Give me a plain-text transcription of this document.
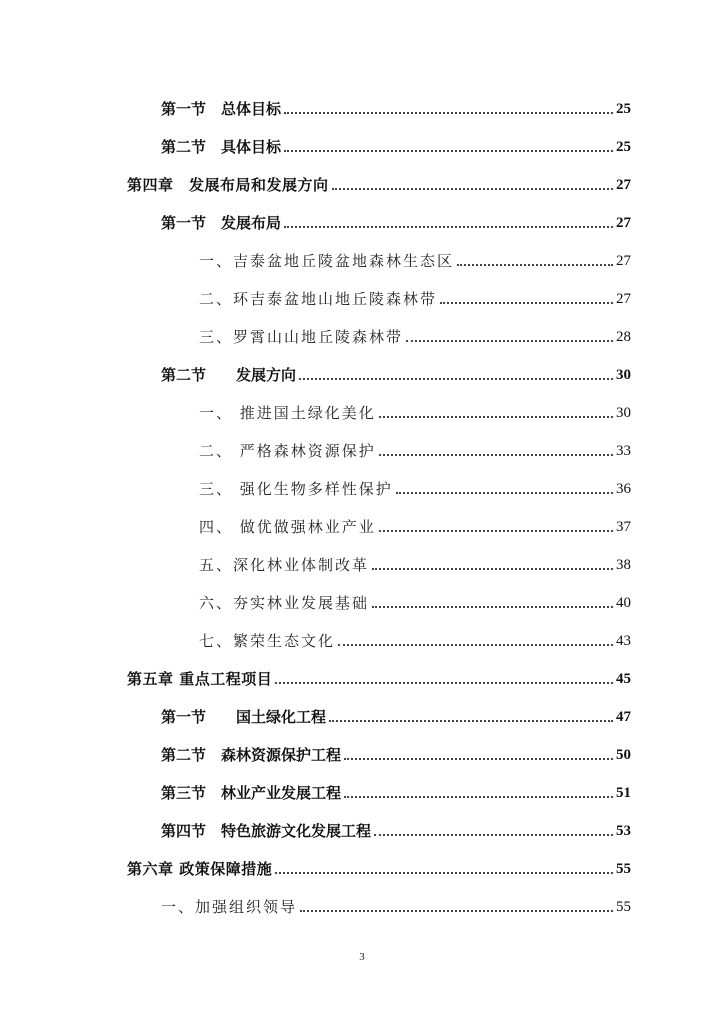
第一节　总体目标	25
第二节　具体目标	25
第四章　发展布局和发展方向	27
第一节　发展布局	27
一、吉泰盆地丘陵盆地森林生态区	27
二、环吉泰盆地山地丘陵森林带	27
三、罗霄山山地丘陵森林带	28
第二节　　发展方向	30
一、 推进国土绿化美化	30
二、 严格森林资源保护	33
三、 强化生物多样性保护	36
四、 做优做强林业产业	37
五、深化林业体制改革	38
六、夯实林业发展基础	40
七、繁荣生态文化	43
第五章 重点工程项目	45
第一节　　国土绿化工程	47
第二节　森林资源保护工程	50
第三节　林业产业发展工程	51
第四节　特色旅游文化发展工程	53
第六章 政策保障措施	55
一、加强组织领导	55
3
